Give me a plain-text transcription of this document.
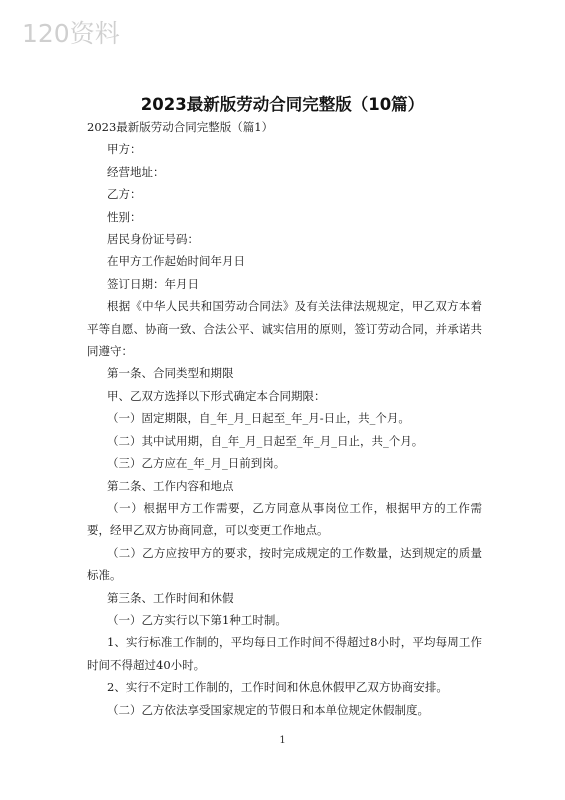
120资料
2023最新版劳动合同完整版（10篇）

2023最新版劳动合同完整版（篇1）

甲方：

经营地址：

乙方：

性别：

居民身份证号码：

在甲方工作起始时间年月日

签订日期：年月日

根据《中华人民共和国劳动合同法》及有关法律法规规定，甲乙双方本着平等自愿、协商一致、合法公平、诚实信用的原则，签订劳动合同，并承诺共同遵守：

第一条、合同类型和期限

甲、乙双方选择以下形式确定本合同期限：

（一）固定期限，自_年_月_日起至_年_月-日止，共_个月。

（二）其中试用期，自_年_月_日起至_年_月_日止，共_个月。

（三）乙方应在_年_月_日前到岗。

第二条、工作内容和地点

（一）根据甲方工作需要，乙方同意从事岗位工作，根据甲方的工作需要，经甲乙双方协商同意，可以变更工作地点。

（二）乙方应按甲方的要求，按时完成规定的工作数量，达到规定的质量标准。

第三条、工作时间和休假

（一）乙方实行以下第1种工时制。

1、实行标准工作制的，平均每日工作时间不得超过8小时，平均每周工作时间不得超过40小时。

2、实行不定时工作制的，工作时间和休息休假甲乙双方协商安排。

（二）乙方依法享受国家规定的节假日和本单位规定休假制度。

1
